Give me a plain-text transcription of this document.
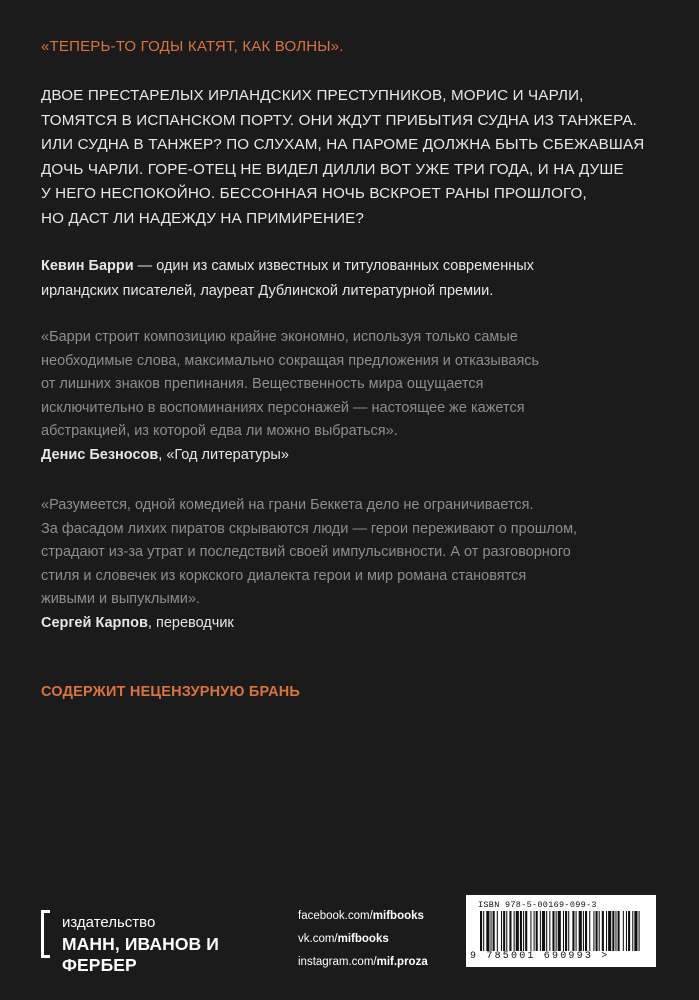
«ТЕПЕРЬ-ТО ГОДЫ КАТЯТ, КАК ВОЛНЫ».
ДВОЕ ПРЕСТАРЕЛЫХ ИРЛАНДСКИХ ПРЕСТУПНИКОВ, МОРИС И ЧАРЛИ,
ТОМЯТСЯ В ИСПАНСКОМ ПОРТУ. ОНИ ЖДУТ ПРИБЫТИЯ СУДНА ИЗ ТАНЖЕРА.
ИЛИ СУДНА В ТАНЖЕР? ПО СЛУХАМ, НА ПАРОМЕ ДОЛЖНА БЫТЬ СБЕЖАВШАЯ
ДОЧЬ ЧАРЛИ. ГОРЕ-ОТЕЦ НЕ ВИДЕЛ ДИЛЛИ ВОТ УЖЕ ТРИ ГОДА, И НА ДУШЕ
У НЕГО НЕСПОКОЙНО. БЕССОННАЯ НОЧЬ ВСКРОЕТ РАНЫ ПРОШЛОГО,
НО ДАСТ ЛИ НАДЕЖДУ НА ПРИМИРЕНИЕ?
Кевин Барри — один из самых известных и титулованных современных
ирландских писателей, лауреат Дублинской литературной премии.
«Барри строит композицию крайне экономно, используя только самые
необходимые слова, максимально сокращая предложения и отказываясь
от лишних знаков препинания. Вещественность мира ощущается
исключительно в воспоминаниях персонажей — настоящее же кажется
абстракцией, из которой едва ли можно выбраться».
Денис Безносов, «Год литературы»
«Разумеется, одной комедией на грани Беккета дело не ограничивается.
За фасадом лихих пиратов скрываются люди — герои переживают о прошлом,
страдают из-за утрат и последствий своей импульсивности. А от разговорного
стиля и словечек из коркского диалекта герои и мир романа становятся
живыми и выпуклыми».
Сергей Карпов, переводчик
СОДЕРЖИТ НЕЦЕНЗУРНУЮ БРАНЬ
издательство
МАНН, ИВАНОВ И ФЕРБЕР
facebook.com/mifbooks
vk.com/mifbooks
instagram.com/mif.proza
ISBN 978-5-00169-099-3
9 785001 690993 >
